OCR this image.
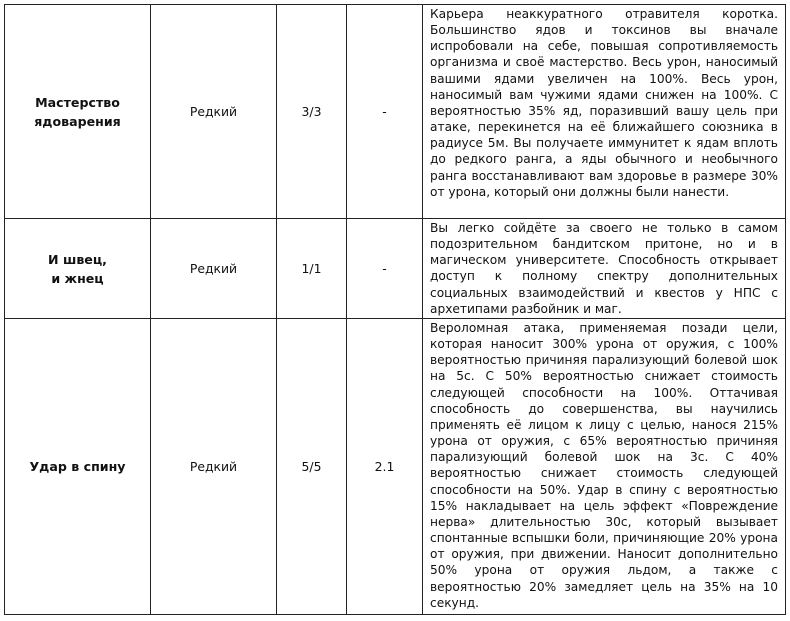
Мастерство
ядоварения	Редкий	3/3	-	Карьера неаккуратного отравителя коротка. Большинство ядов и токсинов вы вначале испробовали на себе, повышая сопротивляемость организма и своё мастерство. Весь урон, наносимый вашими ядами увеличен на 100%. Весь урон, наносимый вам чужими ядами снижен на 100%. С вероятностью 35% яд, поразивший вашу цель при атаке, перекинется на её ближайшего союзника в радиусе 5м. Вы получаете иммунитет к ядам вплоть до редкого ранга, а яды обычного и необычного ранга восстанавливают вам здоровье в размере 30% от урона, который они должны были нанести.

И швец,
и жнец	Редкий	1/1	-	Вы легко сойдёте за своего не только в самом подозрительном бандитском притоне, но и в магическом университете. Способность открывает доступ к полному спектру дополнительных социальных взаимодействий и квестов у НПС с архетипами разбойник и маг.

Удар в спину	Редкий	5/5	2.1	Вероломная атака, применяемая позади цели, которая наносит 300% урона от оружия, с 100% вероятностью причиняя парализующий болевой шок на 5с. С 50% вероятностью снижает стоимость следующей способности на 100%. Оттачивая способность до совершенства, вы научились применять её лицом к лицу с целью, нанося 215% урона от оружия, с 65% вероятностью причиняя парализующий болевой шок на 3с. С 40% вероятностью снижает стоимость следующей способности на 50%. Удар в спину с вероятностью 15% накладывает на цель эффект «Повреждение нерва» длительностью 30с, который вызывает спонтанные вспышки боли, причиняющие 20% урона от оружия, при движении. Наносит дополнительно 50% урона от оружия льдом, а также с вероятностью 20% замедляет цель на 35% на 10 секунд.
